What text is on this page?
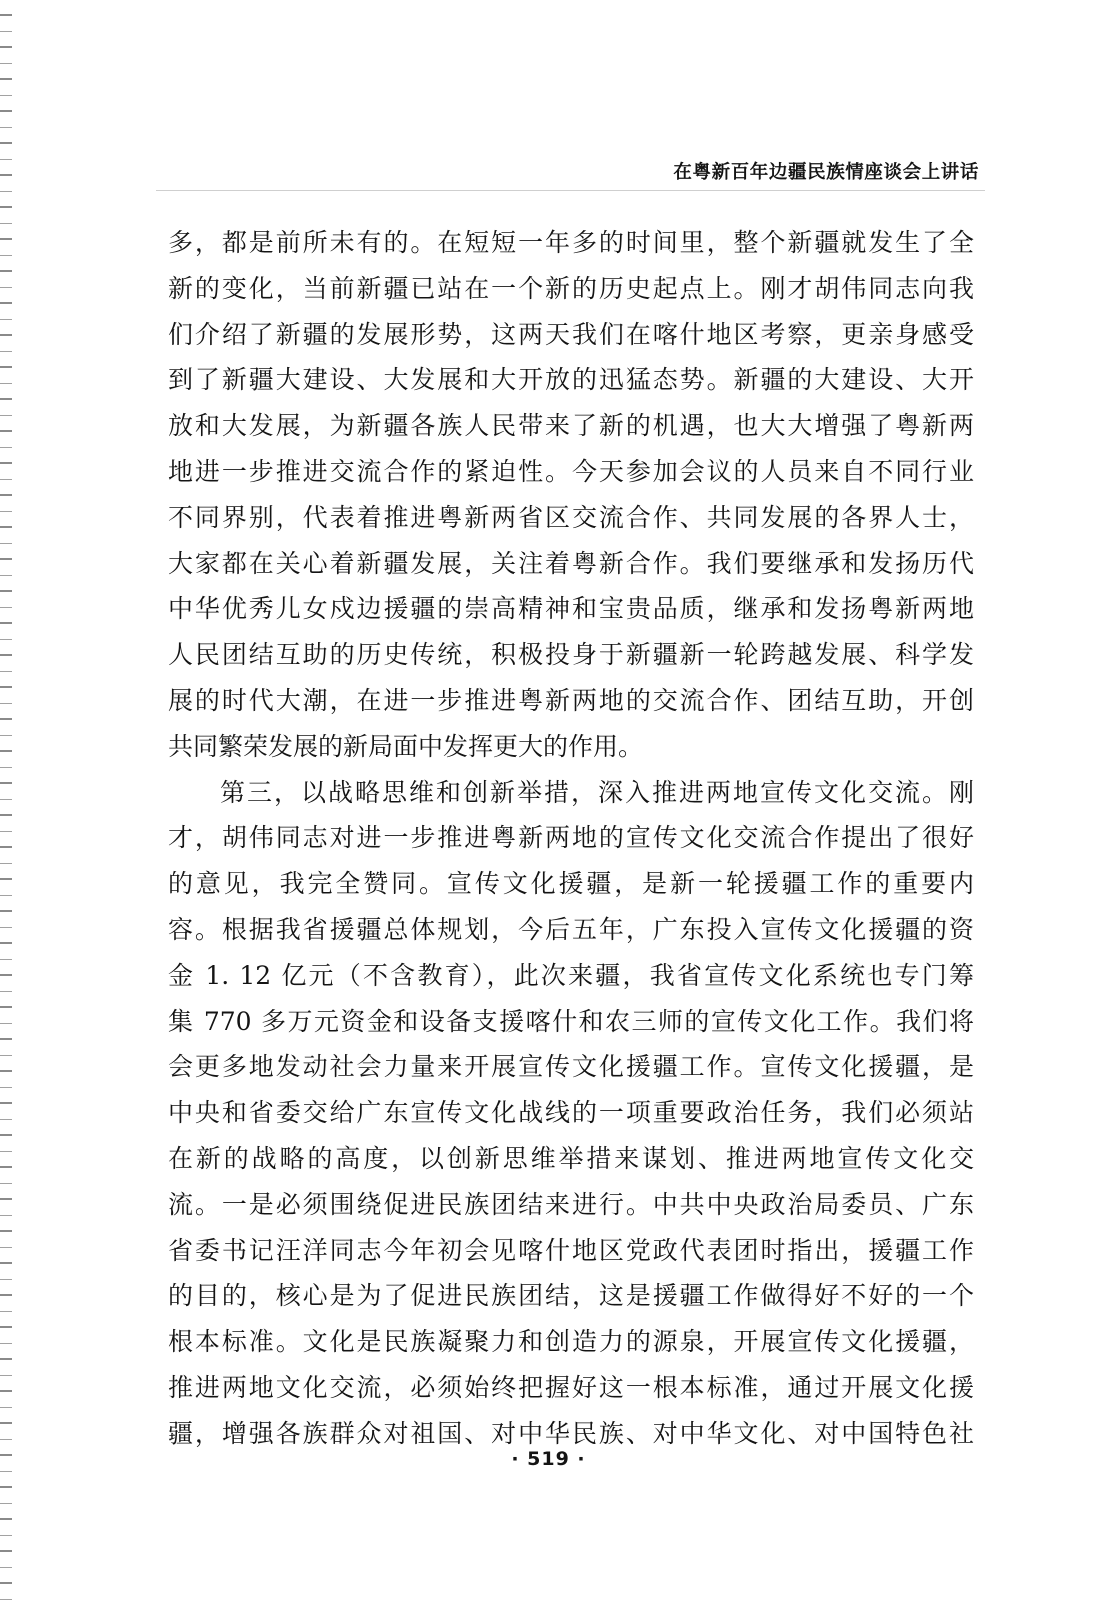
在粤新百年边疆民族情座谈会上讲话
多，都是前所未有的。在短短一年多的时间里，整个新疆就发生了全
新的变化，当前新疆已站在一个新的历史起点上。刚才胡伟同志向我
们介绍了新疆的发展形势，这两天我们在喀什地区考察，更亲身感受
到了新疆大建设、大发展和大开放的迅猛态势。新疆的大建设、大开
放和大发展，为新疆各族人民带来了新的机遇，也大大增强了粤新两
地进一步推进交流合作的紧迫性。今天参加会议的人员来自不同行业
不同界别，代表着推进粤新两省区交流合作、共同发展的各界人士，
大家都在关心着新疆发展，关注着粤新合作。我们要继承和发扬历代
中华优秀儿女戍边援疆的崇高精神和宝贵品质，继承和发扬粤新两地
人民团结互助的历史传统，积极投身于新疆新一轮跨越发展、科学发
展的时代大潮，在进一步推进粤新两地的交流合作、团结互助，开创
共同繁荣发展的新局面中发挥更大的作用。
第三，以战略思维和创新举措，深入推进两地宣传文化交流。刚
才，胡伟同志对进一步推进粤新两地的宣传文化交流合作提出了很好
的意见，我完全赞同。宣传文化援疆，是新一轮援疆工作的重要内
容。根据我省援疆总体规划，今后五年，广东投入宣传文化援疆的资
金 1. 12 亿元（不含教育），此次来疆，我省宣传文化系统也专门筹
集 770 多万元资金和设备支援喀什和农三师的宣传文化工作。我们将
会更多地发动社会力量来开展宣传文化援疆工作。宣传文化援疆，是
中央和省委交给广东宣传文化战线的一项重要政治任务，我们必须站
在新的战略的高度，以创新思维举措来谋划、推进两地宣传文化交
流。一是必须围绕促进民族团结来进行。中共中央政治局委员、广东
省委书记汪洋同志今年初会见喀什地区党政代表团时指出，援疆工作
的目的，核心是为了促进民族团结，这是援疆工作做得好不好的一个
根本标准。文化是民族凝聚力和创造力的源泉，开展宣传文化援疆，
推进两地文化交流，必须始终把握好这一根本标准，通过开展文化援
疆，增强各族群众对祖国、对中华民族、对中华文化、对中国特色社
· 519 ·
